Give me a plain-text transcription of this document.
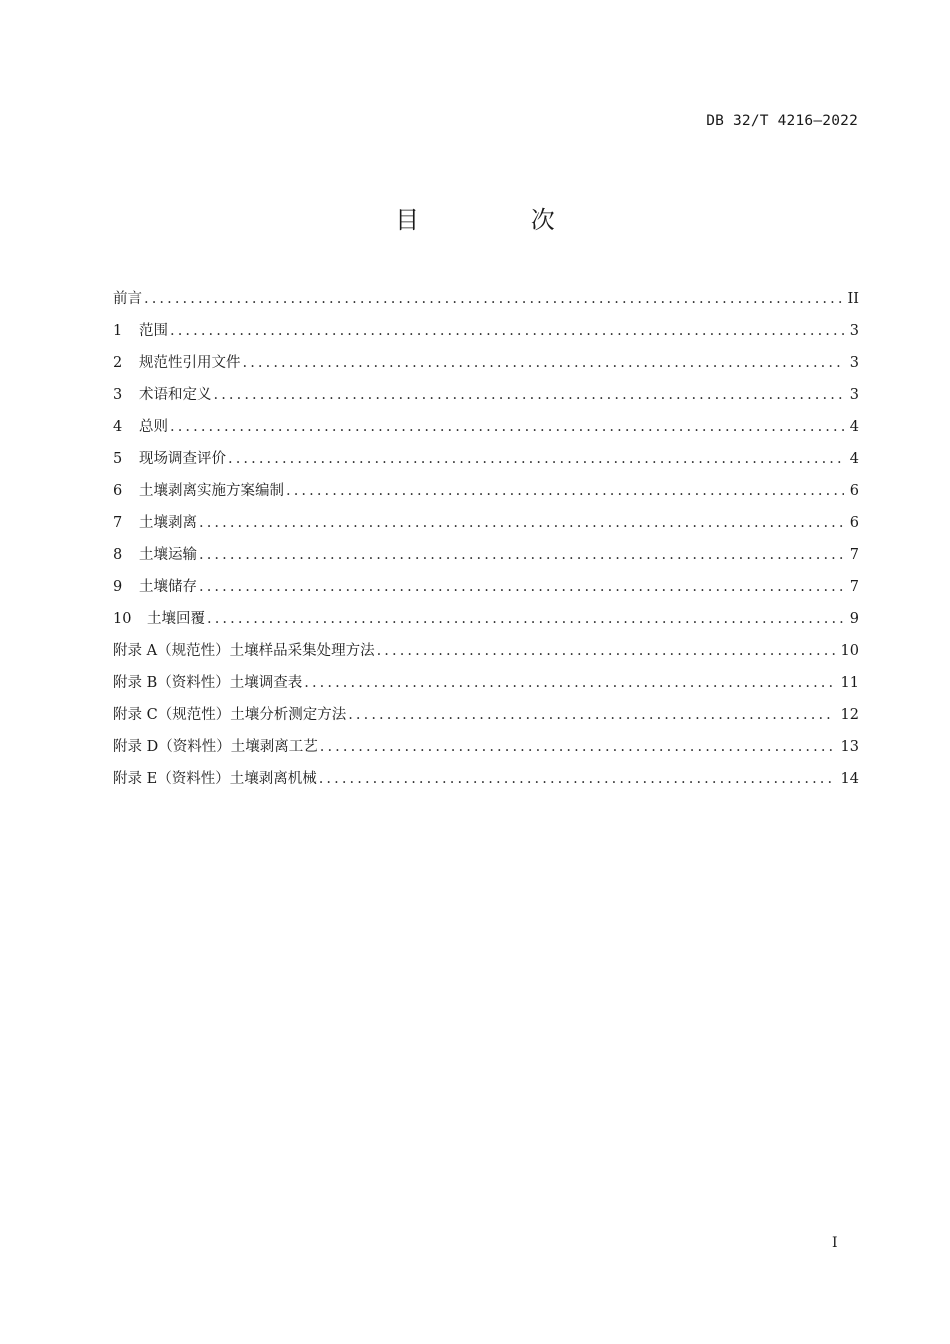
DB 32/T 4216—2022
目 次
前言 .....	II
1	范围 .....	3
2	规范性引用文件 .....	3
3	术语和定义 .....	3
4	总则 .....	4
5	现场调查评价 .....	4
6	土壤剥离实施方案编制 .....	6
7	土壤剥离 .....	6
8	土壤运输 .....	7
9	土壤储存 .....	7
10	土壤回覆 .....	9
附录 A（规范性） 土壤样品采集处理方法 .....	10
附录 B（资料性） 土壤调查表 .....	11
附录 C（规范性） 土壤分析测定方法 .....	12
附录 D（资料性） 土壤剥离工艺 .....	13
附录 E（资料性） 土壤剥离机械 .....	14
I
